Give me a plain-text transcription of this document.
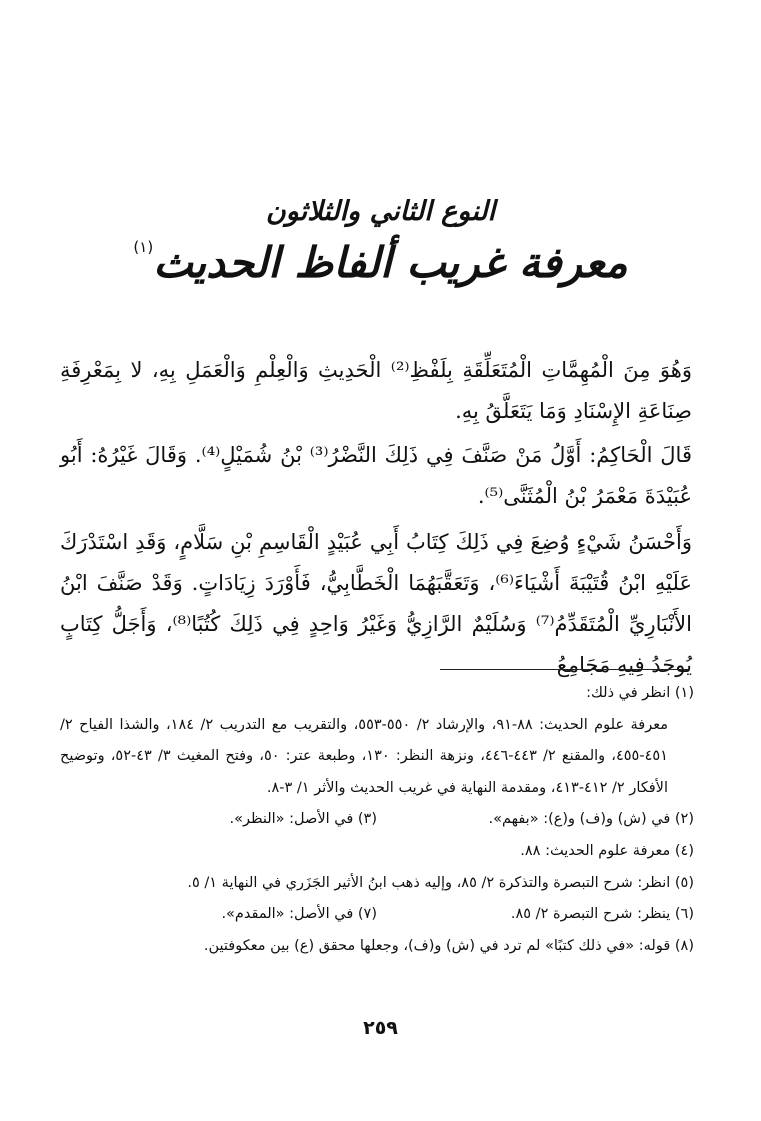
النوع الثاني والثلاثون
معرفة غريب ألفاظ الحديث$^{(١)}$
وَهُوَ مِنَ الْمُهِمَّاتِ الْمُتَعَلِّقَةِ بِلَفْظِ⁽²⁾ الْحَدِيثِ وَالْعِلْمِ وَالْعَمَلِ بِهِ، لا بِمَعْرِفَةِ صِنَاعَةِ الإِسْنَادِ وَمَا يَتَعَلَّقُ بِهِ.
قَالَ الْحَاكِمُ: أَوَّلُ مَنْ صَنَّفَ فِي ذَلِكَ النَّضْرُ⁽³⁾ بْنُ شُمَيْلٍ⁽⁴⁾. وَقَالَ غَيْرُهُ: أَبُو عُبَيْدَةَ مَعْمَرُ بْنُ الْمُثَنَّى⁽⁵⁾.
وَأَحْسَنُ شَيْءٍ وُضِعَ فِي ذَلِكَ كِتَابُ أَبِي عُبَيْدٍ الْقَاسِمِ بْنِ سَلَّامٍ، وَقَدِ اسْتَدْرَكَ عَلَيْهِ ابْنُ قُتَيْبَةَ أَشْيَاءَ⁽⁶⁾، وَتَعَقَّبَهُمَا الْخَطَّابِيُّ، فَأَوْرَدَ زِيَادَاتٍ. وَقَدْ صَنَّفَ ابْنُ الأَنْبَارِيِّ الْمُتَقَدِّمُ⁽⁷⁾ وَسُلَيْمٌ الرَّازِيُّ وَغَيْرُ وَاحِدٍ فِي ذَلِكَ كُتُبًا⁽⁸⁾، وَأَجَلُّ كِتَابٍ يُوجَدُ فِيهِ مَجَامِعُ
(١) انظر في ذلك:
معرفة علوم الحديث: ٨٨-٩١، والإرشاد ٢/ ٥٥٠-٥٥٣، والتقريب مع التدريب ٢/ ١٨٤، والشذا الفياح ٢/ ٤٥١-٤٥٥، والمقنع ٢/ ٤٤٣-٤٤٦، ونزهة النظر: ١٣٠، وطبعة عتر: ٥٠، وفتح المغيث ٣/ ٤٣-٥٢، وتوضيح الأفكار ٢/ ٤١٢-٤١٣، ومقدمة النهاية في غريب الحديث والأثر ١/ ٣-٨.
(٢) في (ش) و(ف) و(ع): «بفهم».
(٣) في الأصل: «النظر».
(٤) معرفة علوم الحديث: ٨٨.
(٥) انظر: شرح التبصرة والتذكرة ٢/ ٨٥، وإليه ذهب ابنُ الأثير الجَزَري في النهاية ١/ ٥.
(٦) ينظر: شرح التبصرة ٢/ ٨٥.
(٧) في الأصل: «المقدم».
(٨) قوله: «في ذلك كتبًا» لم ترد في (ش) و(ف)، وجعلها محقق (ع) بين معكوفتين.
٢٥٩
